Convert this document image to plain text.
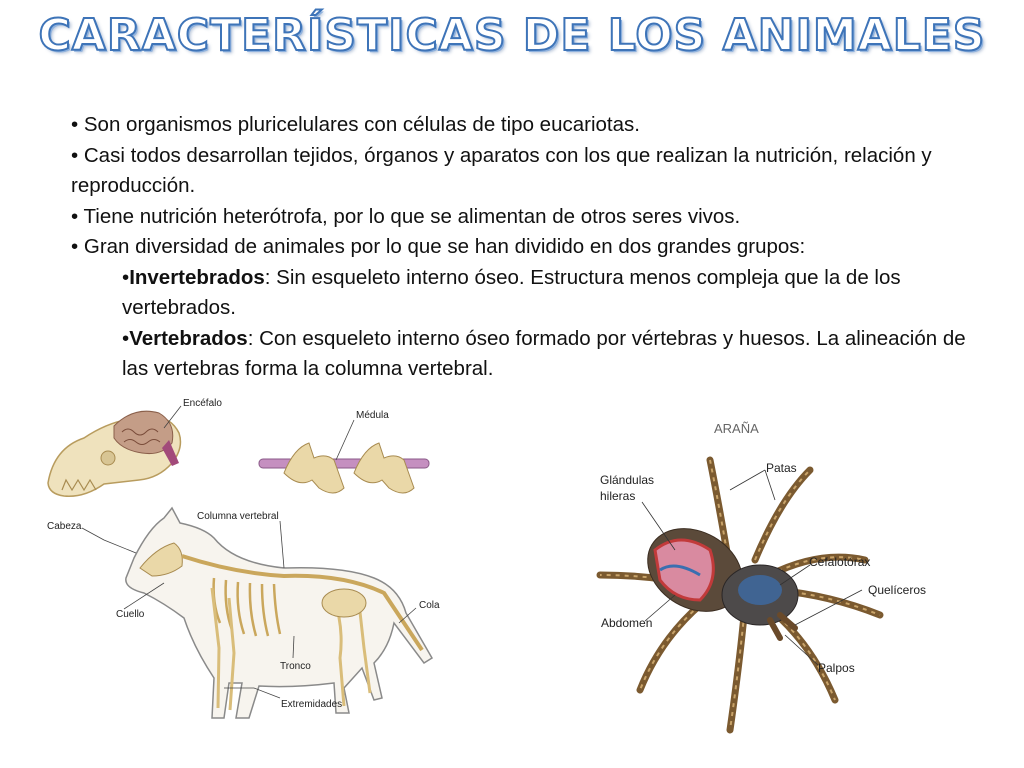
CARACTERÍSTICAS DE LOS ANIMALES

• Son organismos pluricelulares con células de tipo eucariotas.

• Casi todos desarrollan tejidos, órganos y aparatos con los que realizan la nutrición, relación y reproducción.

• Tiene nutrición heterótrofa, por lo que se alimentan de otros seres vivos.

• Gran diversidad de animales por lo que se han dividido en dos grandes grupos:

•Invertebrados: Sin esqueleto interno óseo. Estructura menos compleja que la de los vertebrados.

•Vertebrados: Con esqueleto interno óseo formado por vértebras y huesos. La alineación de las vertebras forma la columna vertebral.

Encéfalo
Médula
Cabeza
Columna vertebral
Cuello
Cola
Tronco
Extremidades
ARAÑA
Patas
Glándulas
hileras
Cefalotórax
Quelíceros
Abdomen
Palpos
